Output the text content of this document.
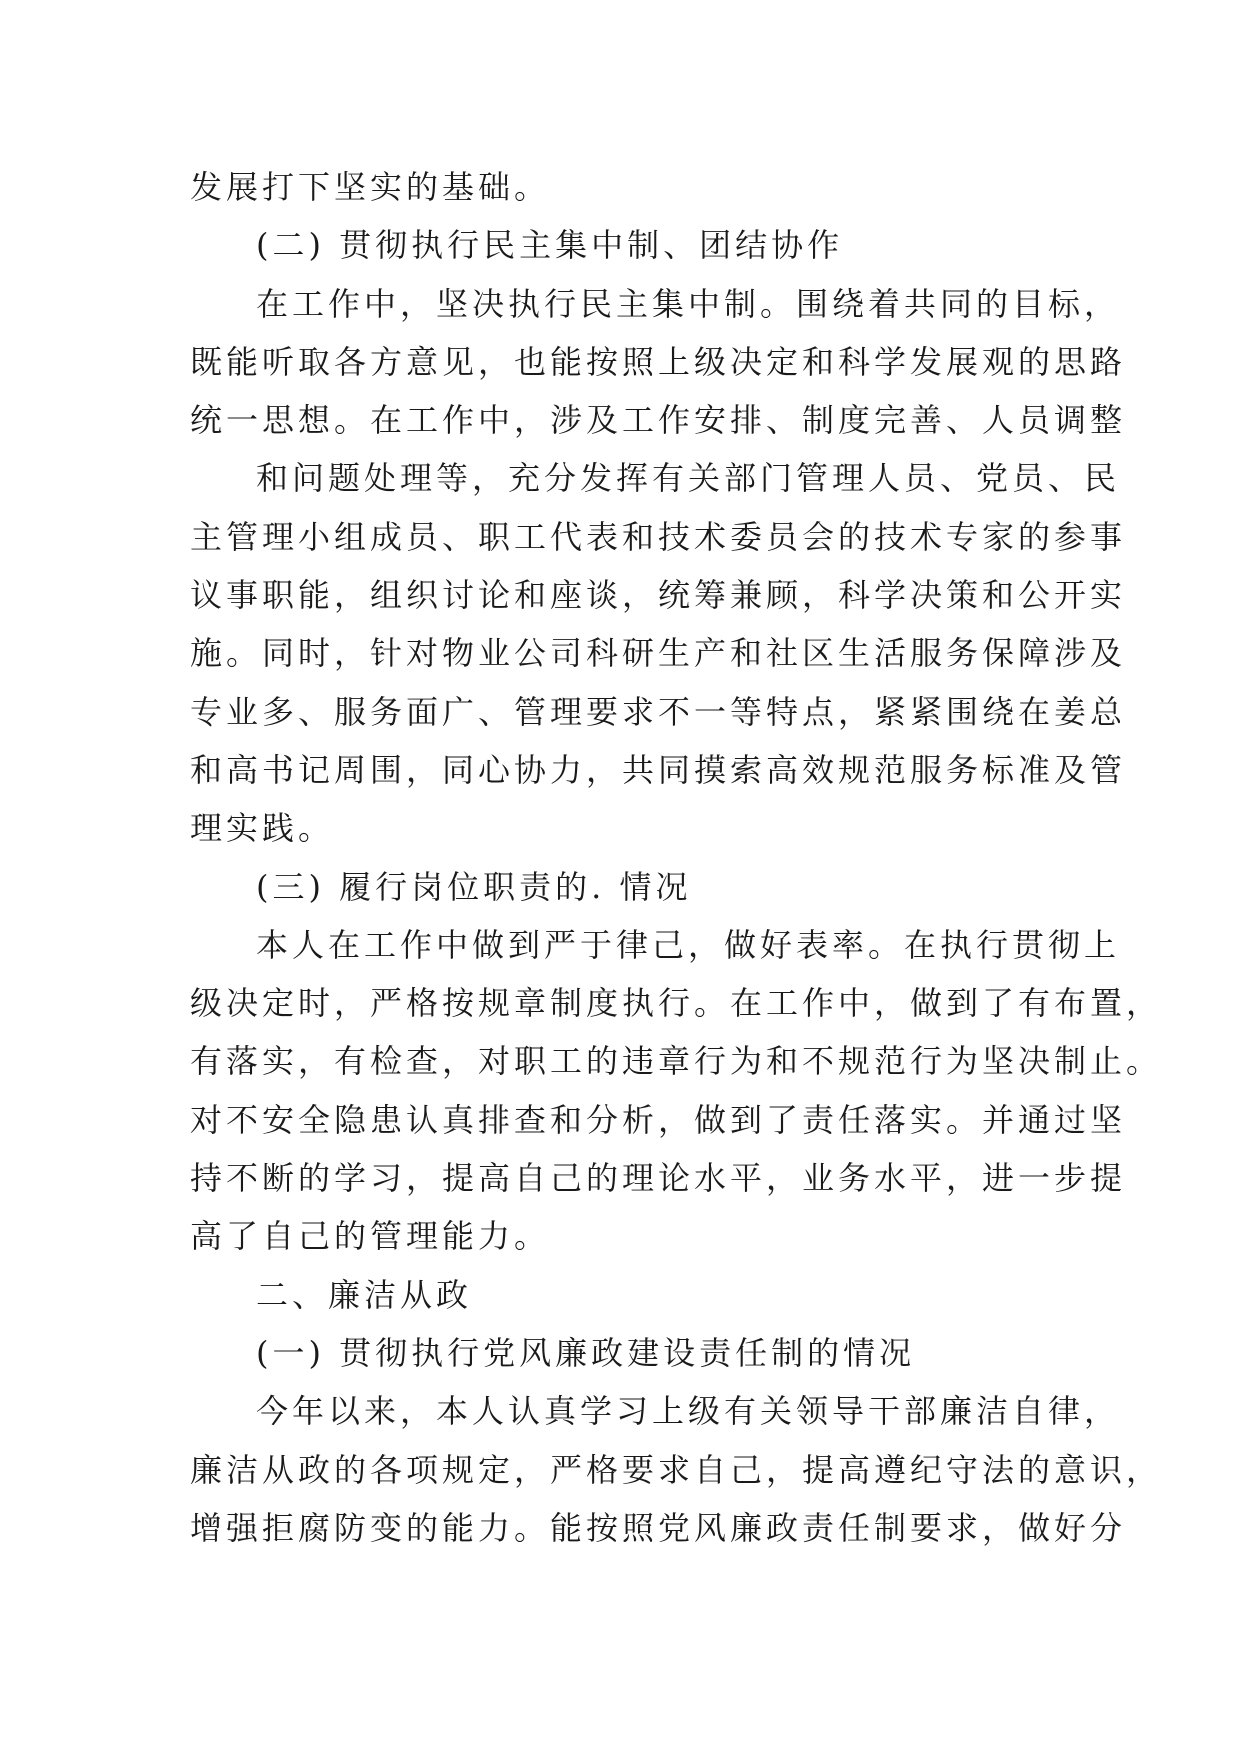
发展打下坚实的基础。
(二) 贯彻执行民主集中制、团结协作
在工作中，坚决执行民主集中制。围绕着共同的目标，
既能听取各方意见，也能按照上级决定和科学发展观的思路
统一思想。在工作中，涉及工作安排、制度完善、人员调整
和问题处理等，充分发挥有关部门管理人员、党员、民
主管理小组成员、职工代表和技术委员会的技术专家的参事
议事职能，组织讨论和座谈，统筹兼顾，科学决策和公开实
施。同时，针对物业公司科研生产和社区生活服务保障涉及
专业多、服务面广、管理要求不一等特点，紧紧围绕在姜总
和高书记周围，同心协力，共同摸索高效规范服务标准及管
理实践。
(三) 履行岗位职责的. 情况
本人在工作中做到严于律己，做好表率。在执行贯彻上
级决定时，严格按规章制度执行。在工作中，做到了有布置，
有落实，有检查，对职工的违章行为和不规范行为坚决制止。
对不安全隐患认真排查和分析，做到了责任落实。并通过坚
持不断的学习，提高自己的理论水平，业务水平，进一步提
高了自己的管理能力。
二、廉洁从政
(一) 贯彻执行党风廉政建设责任制的情况
今年以来，本人认真学习上级有关领导干部廉洁自律，
廉洁从政的各项规定，严格要求自己，提高遵纪守法的意识，
增强拒腐防变的能力。能按照党风廉政责任制要求，做好分
